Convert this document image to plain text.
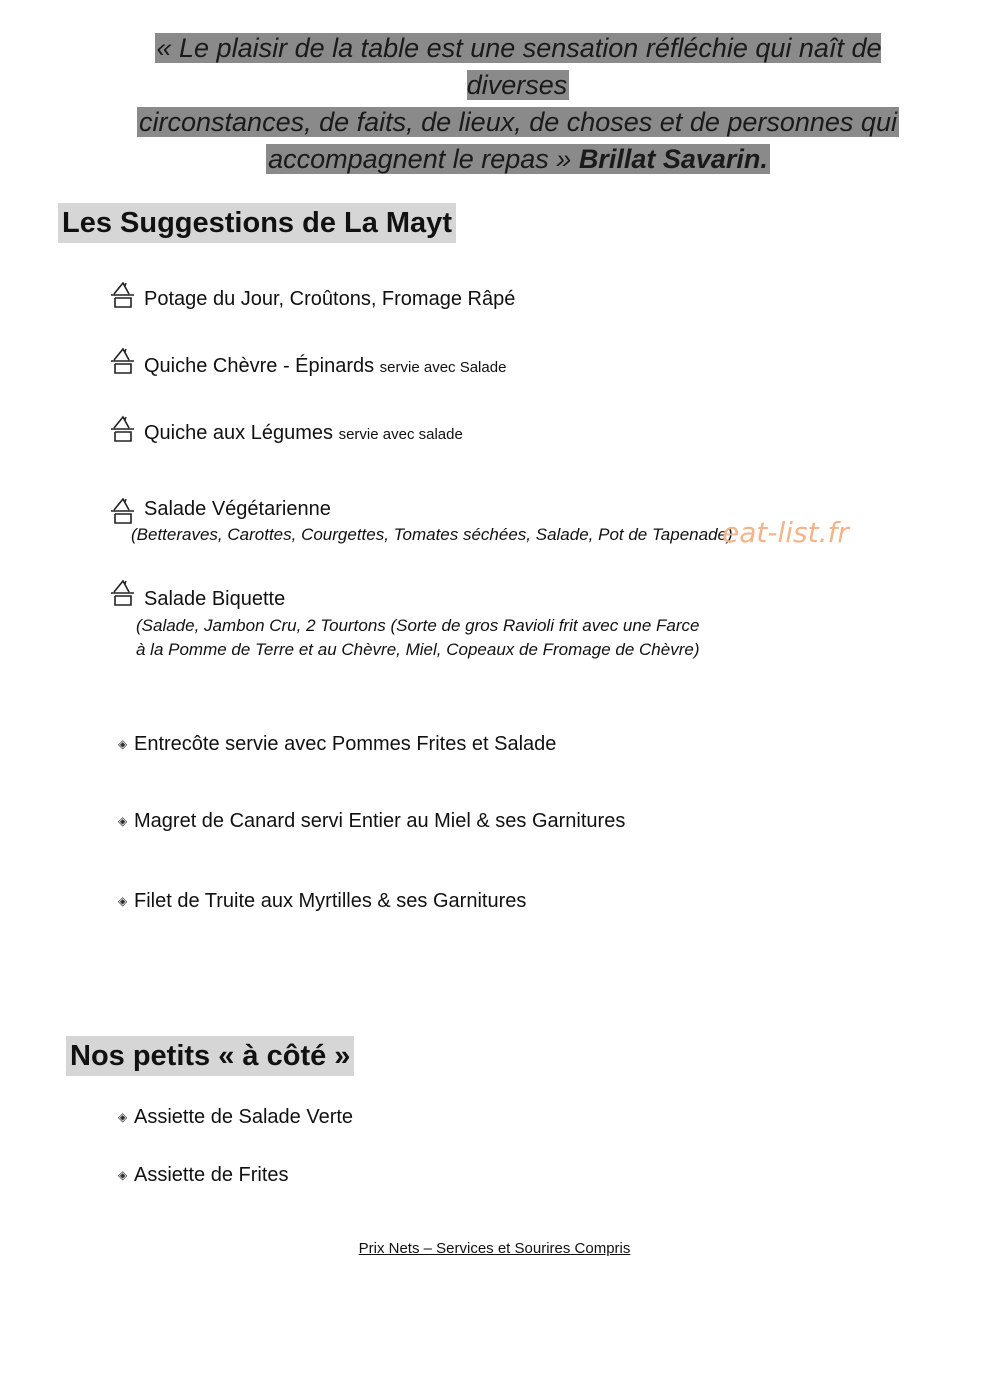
« Le plaisir de la table est une sensation réfléchie qui naît de diverses
circonstances, de faits, de lieux, de choses et de personnes qui
accompagnent le repas » Brillat Savarin.
Les Suggestions de La Mayt
Potage du Jour, Croûtons, Fromage Râpé
Quiche Chèvre - Épinards servie avec Salade
Quiche aux Légumes servie avec salade
Salade Végétarienne
(Betteraves, Carottes, Courgettes, Tomates séchées, Salade, Pot de Tapenade)
eat-list.fr
Salade Biquette
(Salade, Jambon Cru, 2 Tourtons (Sorte de gros Ravioli frit avec une Farce
à la Pomme de Terre et au Chèvre, Miel, Copeaux de Fromage de Chèvre)
◈ Entrecôte servie avec Pommes Frites et Salade
◈ Magret de Canard servi Entier au Miel & ses Garnitures
◈ Filet de Truite aux Myrtilles & ses Garnitures
Nos petits « à côté »
◈ Assiette de Salade Verte
◈ Assiette de Frites
Prix Nets – Services et Sourires Compris
